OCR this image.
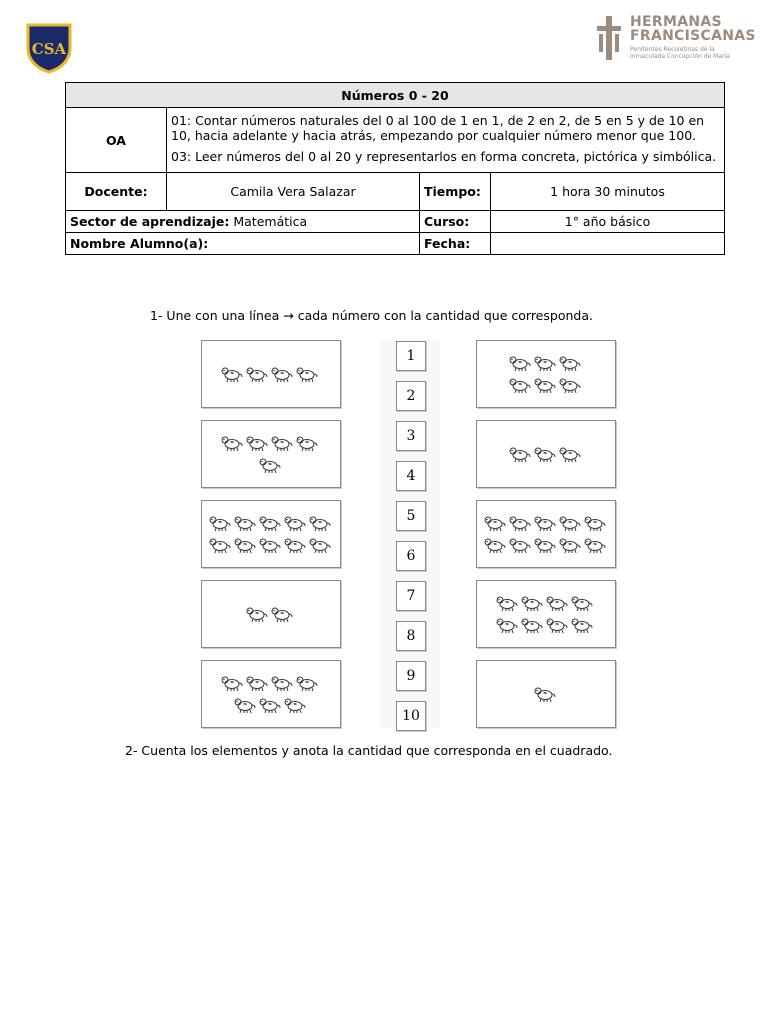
CSA
HERMANAS
FRANCISCANAS
Penitentes Recoletinas de la
Inmaculada Concepción de María
Números 0 - 20			
OA	01: Contar números naturales del 0 al 100 de 1 en 1, de 2 en 2, de 5 en 5 y de 10 en 10, hacia adelante y hacia atrás, empezando por cualquier número menor que 100.

03: Leer números del 0 al 20 y representarlos en forma concreta, pictórica y simbólica.		

Docente:	Camila Vera Salazar	Tiempo:	1 hora 30 minutos
Sector de aprendizaje: Matemática		Curso:	1° año básico
Nombre Alumno(a):		Fecha:	
1- Une con una línea → cada número con la cantidad que corresponda.
1
2
3
4
5
6
7
8
9
10
2- Cuenta los elementos y anota la cantidad que corresponda en el cuadrado.
